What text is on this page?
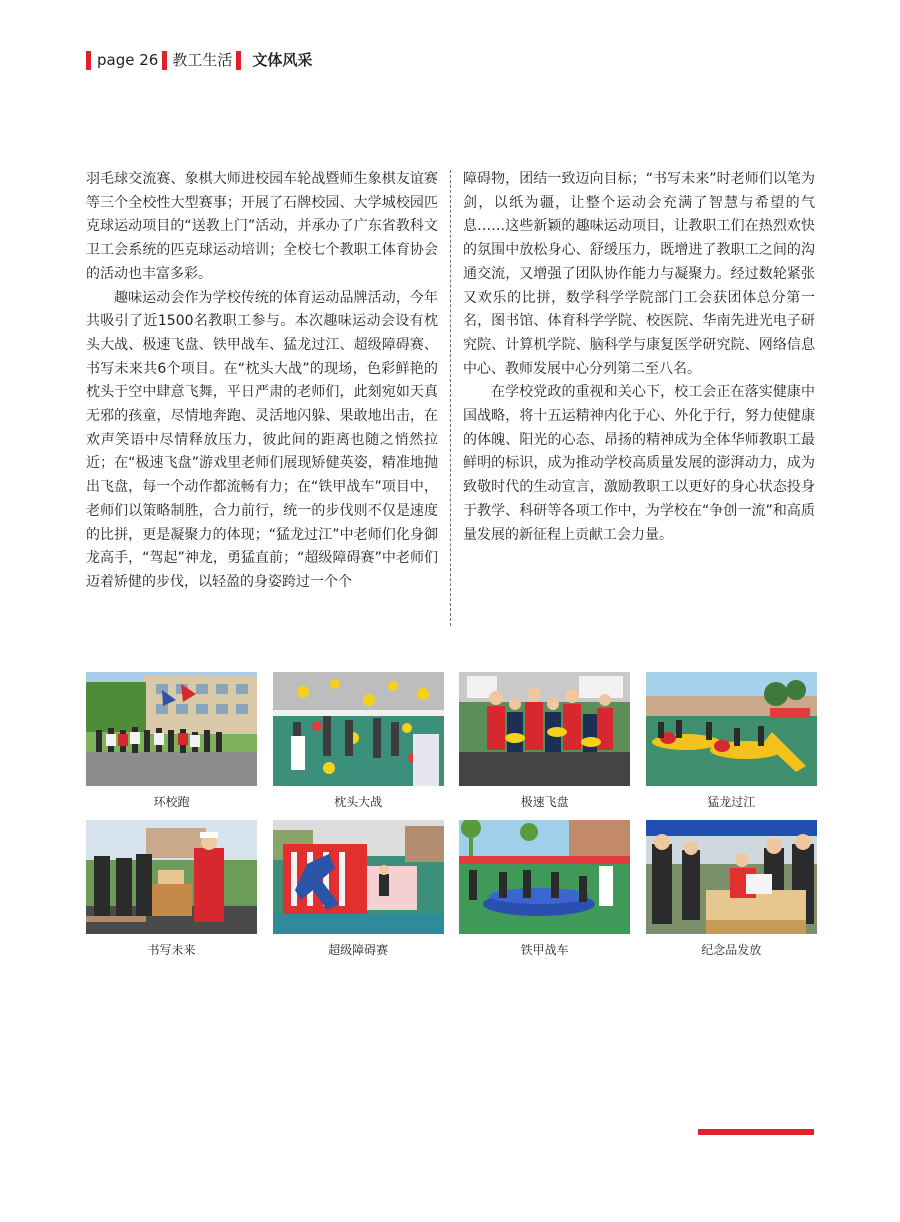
page 26 教工生活 文体风采

羽毛球交流赛、象棋大师进校园车轮战暨师生象棋友谊赛等三个全校性大型赛事；开展了石牌校园、大学城校园匹克球运动项目的“送教上门”活动，并承办了广东省教科文卫工会系统的匹克球运动培训；全校七个教职工体育协会的活动也丰富多彩。

趣味运动会作为学校传统的体育运动品牌活动，今年共吸引了近1500名教职工参与。本次趣味运动会设有枕头大战、极速飞盘、铁甲战车、猛龙过江、超级障碍赛、书写未来共6个项目。在“枕头大战”的现场，色彩鲜艳的枕头于空中肆意飞舞，平日严肃的老师们，此刻宛如天真无邪的孩童，尽情地奔跑、灵活地闪躲、果敢地出击，在欢声笑语中尽情释放压力，彼此间的距离也随之悄然拉近；在“极速飞盘”游戏里老师们展现矫健英姿，精准地抛出飞盘，每一个动作都流畅有力；在“铁甲战车”项目中，老师们以策略制胜，合力前行，统一的步伐则不仅是速度的比拼，更是凝聚力的体现；“猛龙过江”中老师们化身御龙高手，“驾起”神龙，勇猛直前；“超级障碍赛”中老师们迈着矫健的步伐，以轻盈的身姿跨过一个个

障碍物，团结一致迈向目标；“书写未来”时老师们以笔为剑，以纸为疆，让整个运动会充满了智慧与希望的气息……这些新颖的趣味运动项目，让教职工们在热烈欢快的氛围中放松身心、舒缓压力，既增进了教职工之间的沟通交流，又增强了团队协作能力与凝聚力。经过数轮紧张又欢乐的比拼，数学科学学院部门工会获团体总分第一名，图书馆、体育科学学院、校医院、华南先进光电子研究院、计算机学院、脑科学与康复医学研究院、网络信息中心、教师发展中心分列第二至八名。

在学校党政的重视和关心下，校工会正在落实健康中国战略，将十五运精神内化于心、外化于行，努力使健康的体魄、阳光的心态、昂扬的精神成为全体华师教职工最鲜明的标识，成为推动学校高质量发展的澎湃动力，成为致敬时代的生动宣言，激励教职工以更好的身心状态投身于教学、科研等各项工作中，为学校在“争创一流”和高质量发展的新征程上贡献工会力量。

环校跑	枕头大战	极速飞盘	猛龙过江
书写未来	超级障碍赛	铁甲战车	纪念品发放
